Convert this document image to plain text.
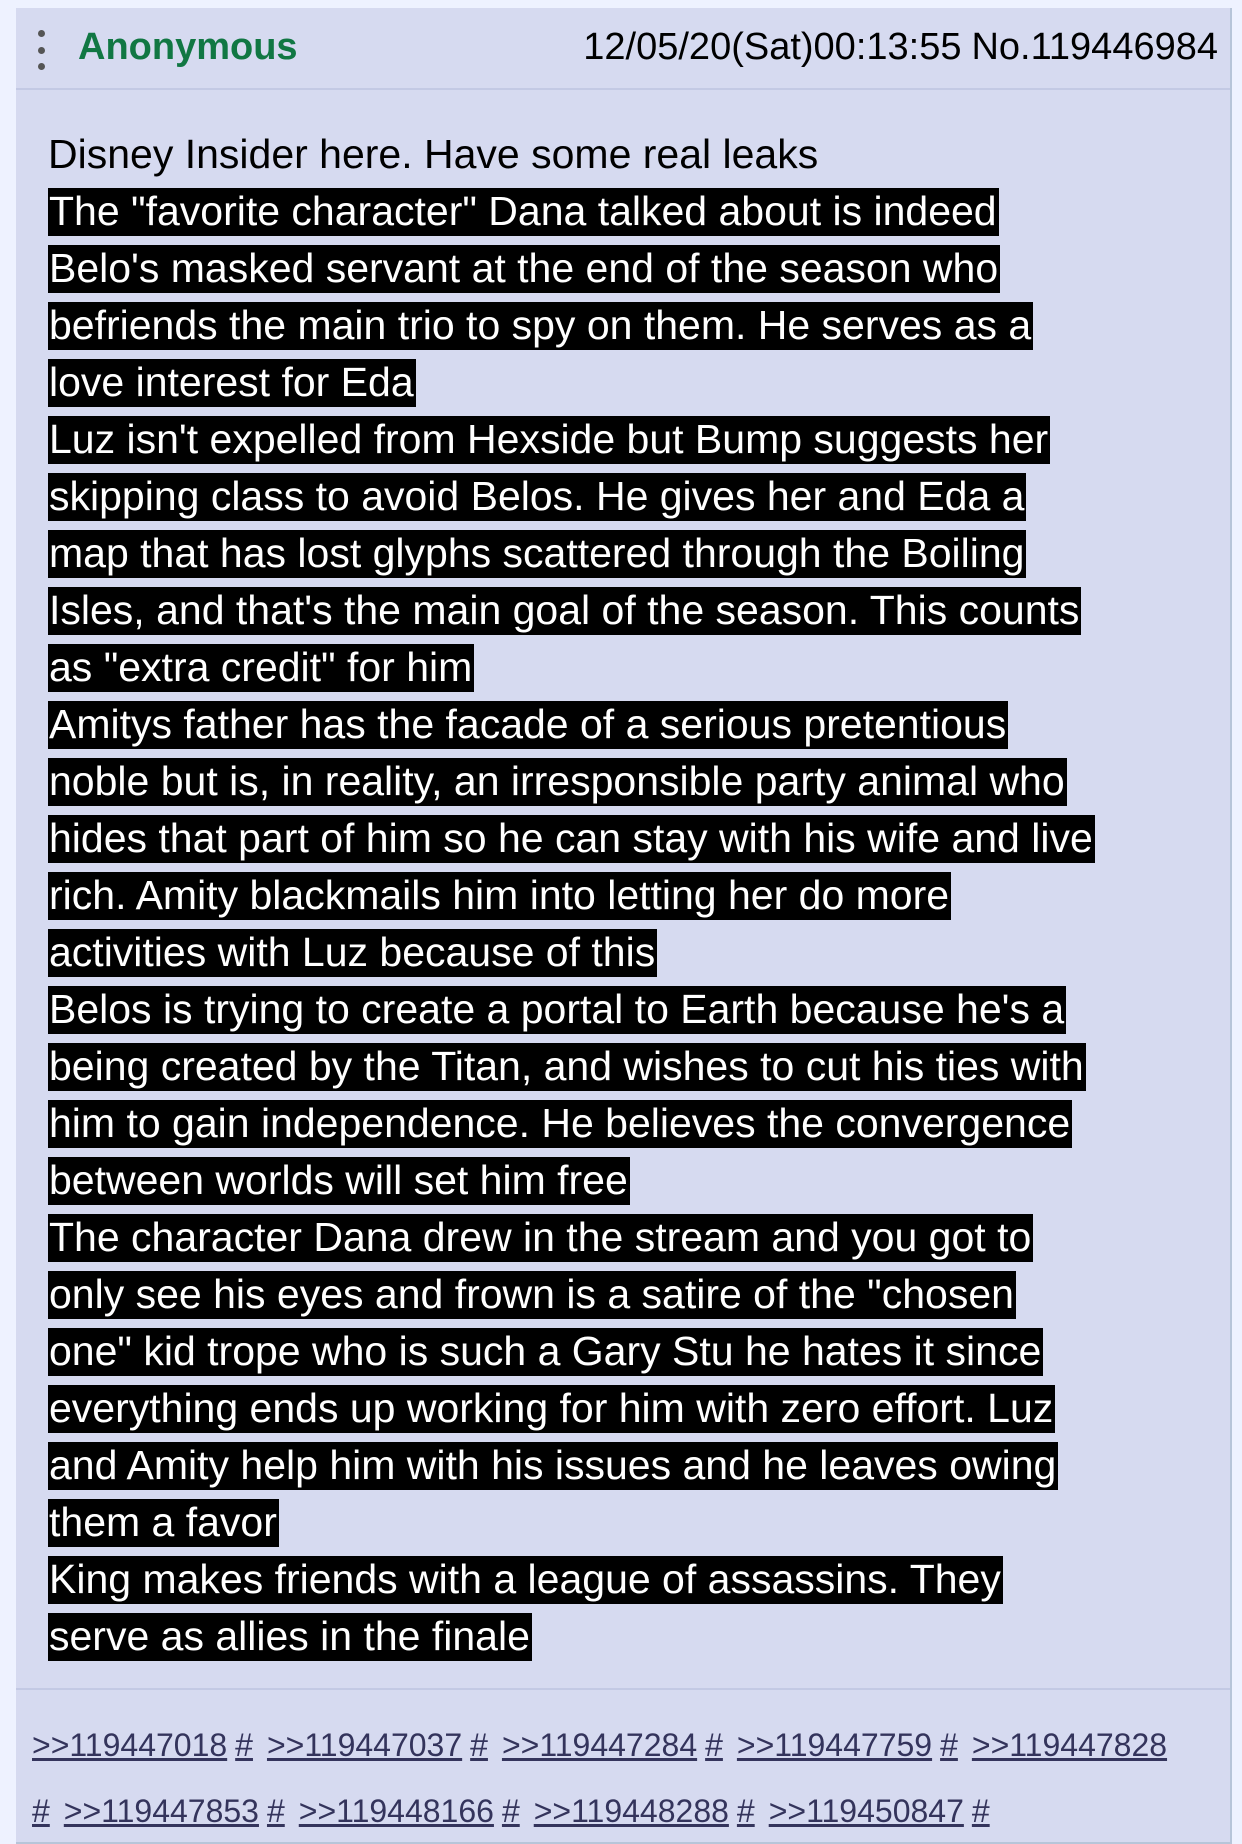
Anonymous	12/05/20(Sat)00:13:55 No.119446984
Disney Insider here. Have some real leaks
The "favorite character" Dana talked about is indeed
Belo's masked servant at the end of the season who
befriends the main trio to spy on them. He serves as a
love interest for Eda
Luz isn't expelled from Hexside but Bump suggests her
skipping class to avoid Belos. He gives her and Eda a
map that has lost glyphs scattered through the Boiling
Isles, and that's the main goal of the season. This counts
as "extra credit" for him
Amitys father has the facade of a serious pretentious
noble but is, in reality, an irresponsible party animal who
hides that part of him so he can stay with his wife and live
rich. Amity blackmails him into letting her do more
activities with Luz because of this
Belos is trying to create a portal to Earth because he's a
being created by the Titan, and wishes to cut his ties with
him to gain independence. He believes the convergence
between worlds will set him free
The character Dana drew in the stream and you got to
only see his eyes and frown is a satire of the "chosen
one" kid trope who is such a Gary Stu he hates it since
everything ends up working for him with zero effort. Luz
and Amity help him with his issues and he leaves owing
them a favor
King makes friends with a league of assassins. They
serve as allies in the finale
>>119447018 # >>119447037 # >>119447284 # >>119447759 # >>119447828
# >>119447853 # >>119448166 # >>119448288 # >>119450847 #
